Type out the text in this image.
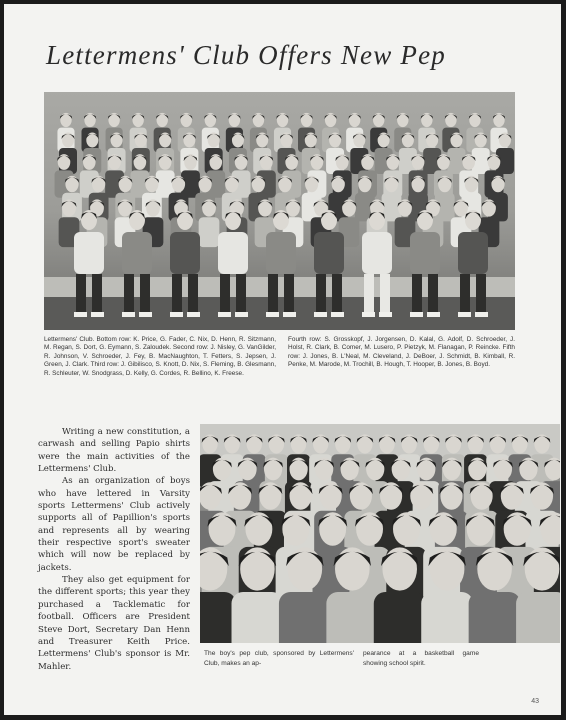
Lettermens' Club Offers New Pep
Lettermens' Club. Bottom row: K. Price, G. Fader, C. Nix, D. Henn, R. Sitzmann, M. Regan, S. Dort, G. Eymann, S. Zaloudek. Second row: J. Nisley, G. VanGilder, R. Johnson, V. Schroeder, J. Fey, B. MacNaughton, T. Fetters, S. Jepsen, J. Green, J. Clark. Third row: J. Gibilisco, S. Knott, D. Nix, S. Fleming, B. Glesmann, R. Schleuter, W. Snodgrass, D. Kelly, G. Cordes, R. Bellino, K. Freese.
Fourth row: S. Grosskopf, J. Jorgensen, D. Kalal, G. Adolf, D. Schroeder, J. Holst, R. Clark, B. Comer, M. Lusero, P. Pietzyk, M. Flanagan, P. Reincke. Fifth row: J. Jones, B. L'Neal, M. Cleveland, J. DeBoer, J. Schmidt, B. Kimball, R. Penke, M. Marode, M. Trochill, B. Hough, T. Hooper, B. Jones, B. Boyd.

Writing a new constitution, a carwash and selling Papio shirts were the main activities of the Lettermens' Club.

As an organization of boys who have lettered in Varsity sports Lettermens' Club actively supports all of Papillion's sports and represents all by wearing their respective sport's sweater which will now be replaced by jackets.

They also get equipment for the different sports; this year they purchased a Tacklematic for football. Officers are President Steve Dort, Secretary Dan Henn and Treasurer Keith Price. Lettermens' Club's sponsor is Mr. Mahler.

The boy's pep club, sponsored by Lettermens' Club, makes an ap-
pearance at a basketball game showing school spirit.
43
